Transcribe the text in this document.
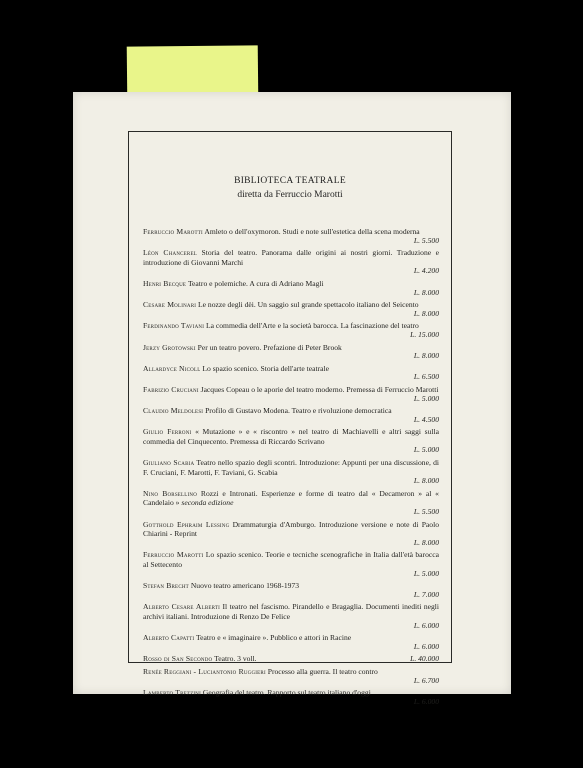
BIBLIOTECA TEATRALE
diretta da Ferruccio Marotti

Ferruccio Marotti Amleto o dell'oxymoron. Studi e note sull'estetica della scena moderna

L. 5.500

Léon Chancerel Storia del teatro. Panorama dalle origini ai nostri giorni. Traduzione e introduzione di Giovanni Marchi

L. 4.200

Henri Becque Teatro e polemiche. A cura di Adriano Magli

L. 8.000

Cesare Molinari Le nozze degli dèi. Un saggio sul grande spettacolo italiano del Seicento

L. 8.000

Ferdinando Taviani La commedia dell'Arte e la società barocca. La fascinazione del teatro

L. 15.000

Jerzy Grotowski Per un teatro povero. Prefazione di Peter Brook

L. 8.000

Allardyce Nicoll Lo spazio scenico. Storia dell'arte teatrale

L. 6.500

Fabrizio Cruciani Jacques Copeau o le aporie del teatro moderno. Premessa di Ferruccio Marotti

L. 5.000

Claudio Meldolesi Profilo di Gustavo Modena. Teatro e rivoluzione democratica

L. 4.500

Giulio Ferroni « Mutazione » e « riscontro » nel teatro di Machiavelli e altri saggi sulla commedia del Cinquecento. Premessa di Riccardo Scrivano

L. 5.000

Giuliano Scabia Teatro nello spazio degli scontri. Introduzione: Appunti per una discussione, di F. Cruciani, F. Marotti, F. Taviani, G. Scabia

L. 8.000

Nino Borsellino Rozzi e Intronati. Esperienze e forme di teatro dal « Decameron » al « Candelaio » seconda edizione

L. 5.500

Gotthold Ephraim Lessing Drammaturgia d'Amburgo. Introduzione versione e note di Paolo Chiarini - Reprint

L. 8.000

Ferruccio Marotti Lo spazio scenico. Teorie e tecniche scenografiche in Italia dall'età barocca al Settecento

L. 5.000

Stefan Brecht Nuovo teatro americano 1968-1973

L. 7.000

Alberto Cesare Alberti Il teatro nel fascismo. Pirandello e Bragaglia. Documenti inediti negli archivi italiani. Introduzione di Renzo De Felice

L. 6.000

Alberto Capatti Teatro e « imaginaire ». Pubblico e attori in Racine

L. 6.000

Rosso di San Secondo Teatro. 3 voll.	L. 40.000

Renée Reggiani - Luciantonio Ruggieri Processo alla guerra. Il teatro contro

L. 6.700

Lamberto Trezzini Geografia del teatro. Rapporto sul teatro italiano d'oggi

L. 6.000
